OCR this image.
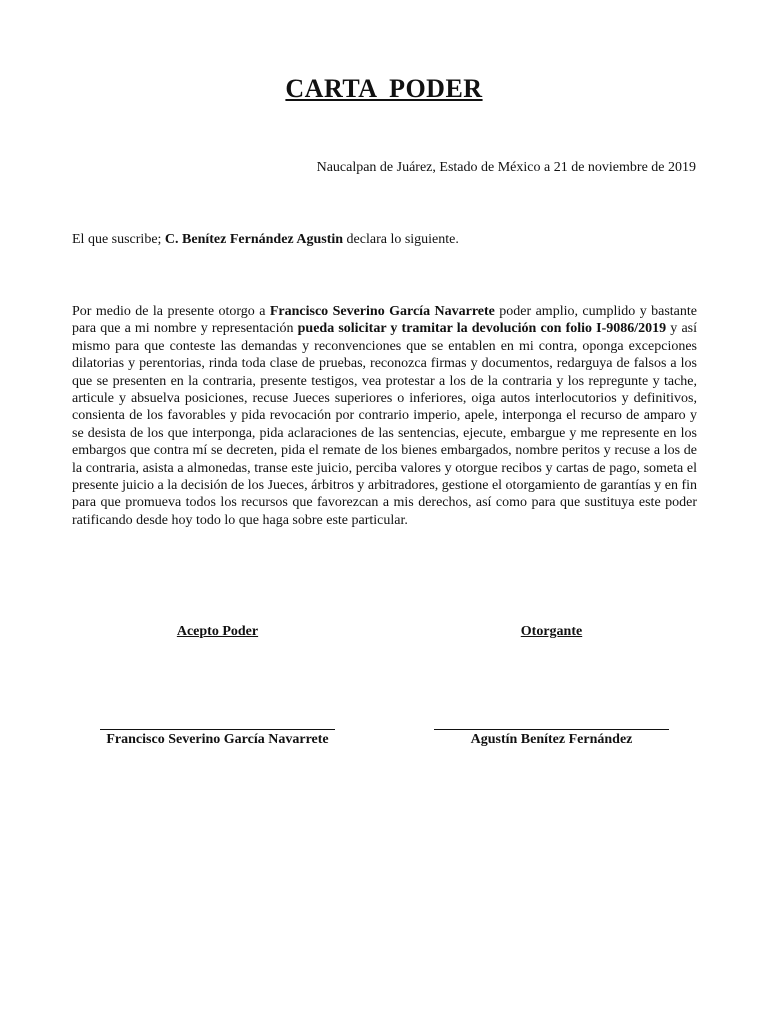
CARTA PODER
Naucalpan de Juárez, Estado de México a 21 de noviembre de 2019
El que suscribe; C. Benítez Fernández Agustin declara lo siguiente.
Por medio de la presente otorgo a Francisco Severino García Navarrete poder amplio, cumplido y bastante para que a mi nombre y representación pueda solicitar y tramitar la devolución con folio I-9086/2019 y así mismo para que conteste las demandas y reconvenciones que se entablen en mi contra, oponga excepciones dilatorias y perentorias, rinda toda clase de pruebas, reconozca firmas y documentos, redarguya de falsos a los que se presenten en la contraria, presente testigos, vea protestar a los de la contraria y los repregunte y tache, articule y absuelva posiciones, recuse Jueces superiores o inferiores, oiga autos interlocutorios y definitivos, consienta de los favorables y pida revocación por contrario imperio, apele, interponga el recurso de amparo y se desista de los que interponga, pida aclaraciones de las sentencias, ejecute, embargue y me represente en los embargos que contra mí se decreten, pida el remate de los bienes embargados, nombre peritos y recuse a los de la contraria, asista a almonedas, transe este juicio, perciba valores y otorgue recibos y cartas de pago, someta el presente juicio a la decisión de los Jueces, árbitros y arbitradores, gestione el otorgamiento de garantías y en fin para que promueva todos los recursos que favorezcan a mis derechos, así como para que sustituya este poder ratificando desde hoy todo lo que haga sobre este particular.
Acepto Poder	Otorgante
Francisco Severino García Navarrete	Agustín Benítez Fernández
